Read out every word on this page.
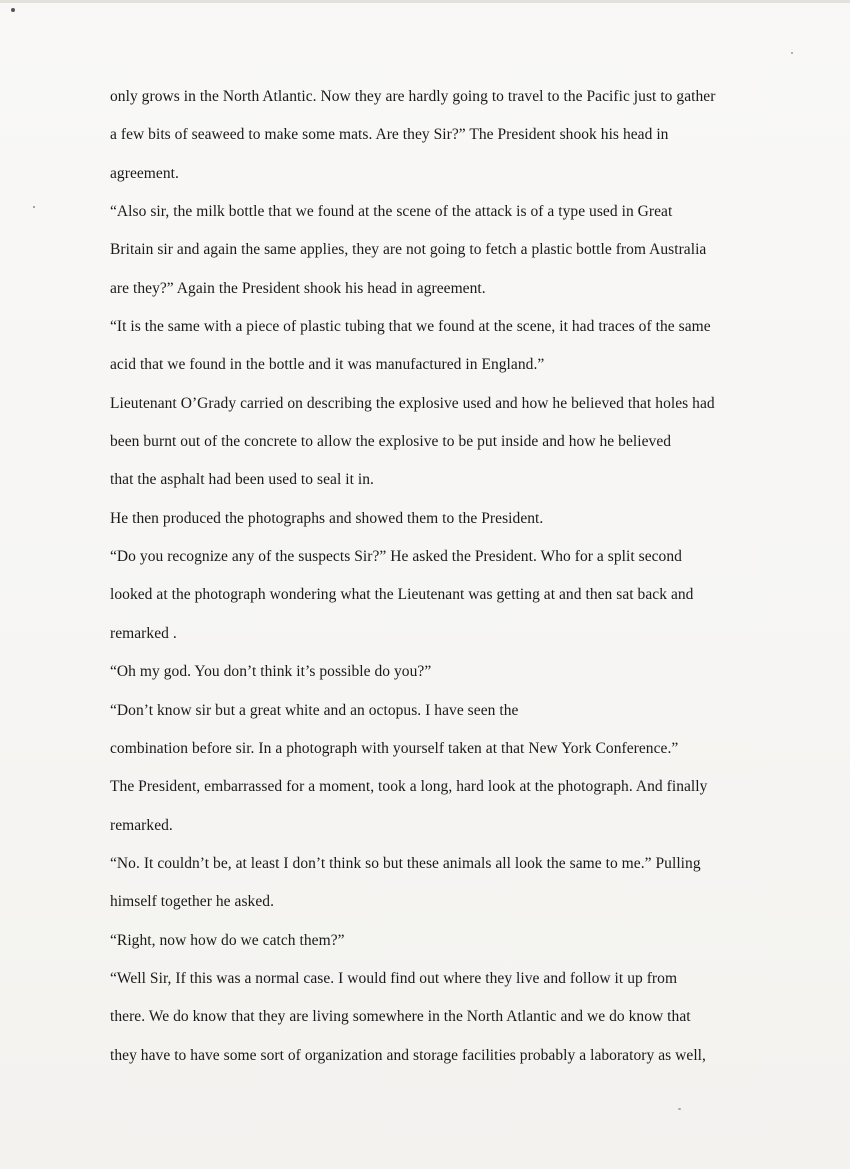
only grows in the North Atlantic. Now they are hardly going to travel to the Pacific just to gather
a few bits of seaweed to make some mats. Are they Sir?” The President shook his head in
agreement.
“Also sir, the milk bottle that we found at the scene of the attack is of a type used in Great
Britain sir and again the same applies, they are not going to fetch a plastic bottle from Australia
are they?” Again the President shook his head in agreement.
“It is the same with a piece of plastic tubing that we found at the scene, it had traces of the same
acid that we found in the bottle and it was manufactured in England.”
Lieutenant O’Grady carried on describing the explosive used and how he believed that holes had
been burnt out of the concrete to allow the explosive to be put inside and how he believed
that the asphalt had been used to seal it in.
He then produced the photographs and showed them to the President.
“Do you recognize any of the suspects Sir?” He asked the President. Who for a split second
looked at the photograph wondering what the Lieutenant was getting at and then sat back and
remarked .
“Oh my god. You don’t think it’s possible do you?”
“Don’t know sir but a great white and an octopus. I have seen the
combination before sir. In a photograph with yourself taken at that New York Conference.”
The President, embarrassed for a moment, took a long, hard look at the photograph. And finally
remarked.
“No. It couldn’t be, at least I don’t think so but these animals all look the same to me.” Pulling
himself together he asked.
“Right, now how do we catch them?”
“Well Sir, If this was a normal case. I would find out where they live and follow it up from
there. We do know that they are living somewhere in the North Atlantic and we do know that
they have to have some sort of organization and storage facilities probably a laboratory as well,
